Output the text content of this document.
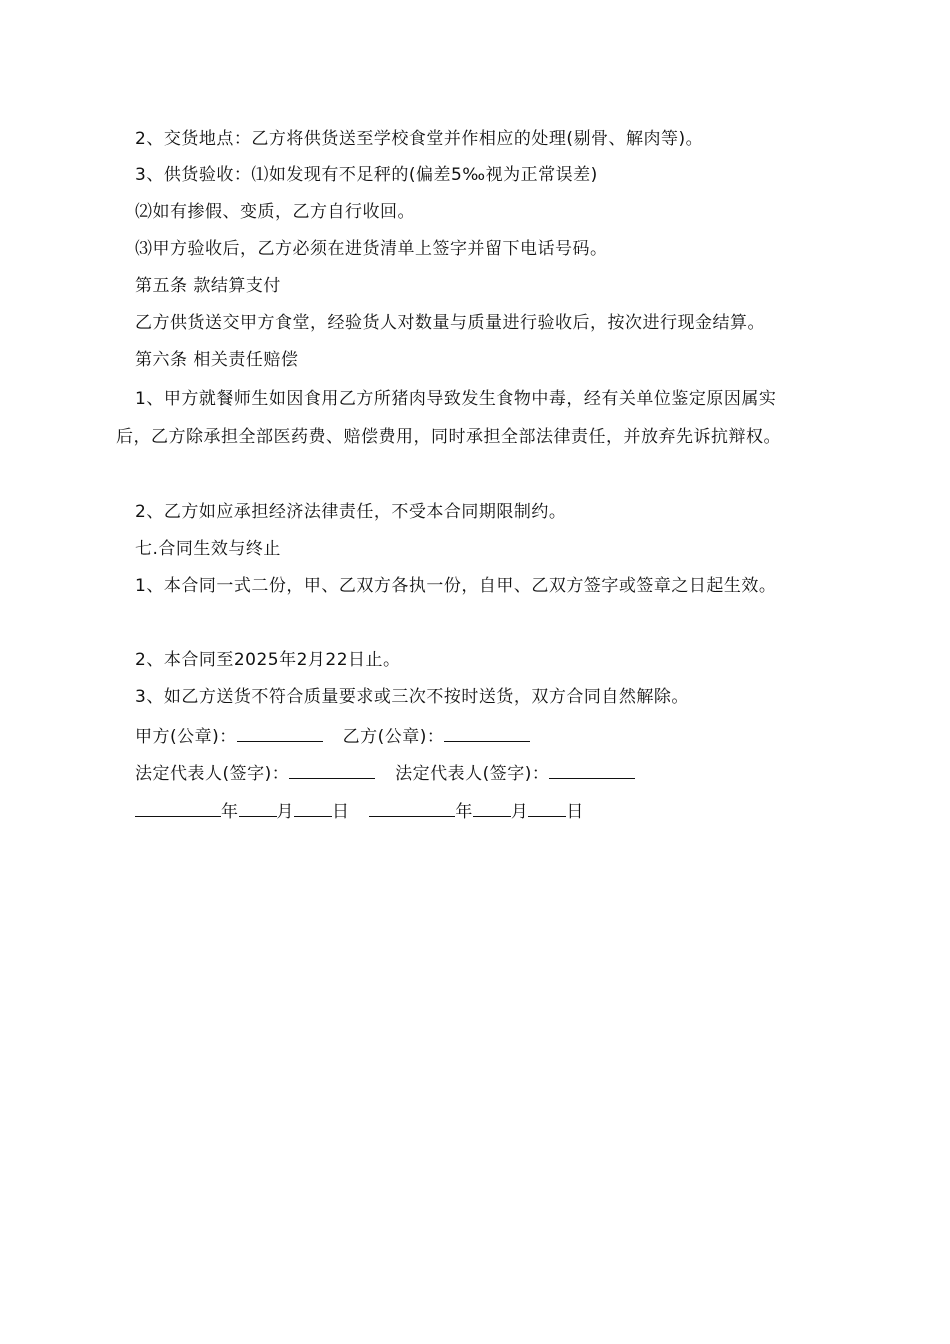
2、交货地点：乙方将供货送至学校食堂并作相应的处理(剔骨、解肉等)。
3、供货验收：⑴如发现有不足秤的(偏差5‰视为正常误差)
⑵如有掺假、变质，乙方自行收回。
⑶甲方验收后，乙方必须在进货清单上签字并留下电话号码。
第五条 款结算支付
乙方供货送交甲方食堂，经验货人对数量与质量进行验收后，按次进行现金结算。
第六条 相关责任赔偿
1、甲方就餐师生如因食用乙方所猪肉导致发生食物中毒，经有关单位鉴定原因属实
后，乙方除承担全部医药费、赔偿费用，同时承担全部法律责任，并放弃先诉抗辩权。
2、乙方如应承担经济法律责任，不受本合同期限制约。
七.合同生效与终止
1、本合同一式二份，甲、乙双方各执一份，自甲、乙双方签字或签章之日起生效。
2、本合同至2025年2月22日止。
3、如乙方送货不符合质量要求或三次不按时送货，双方合同自然解除。
甲方(公章)：	乙方(公章)：
法定代表人(签字)：	法定代表人(签字)：
年 月 日	年 月 日
